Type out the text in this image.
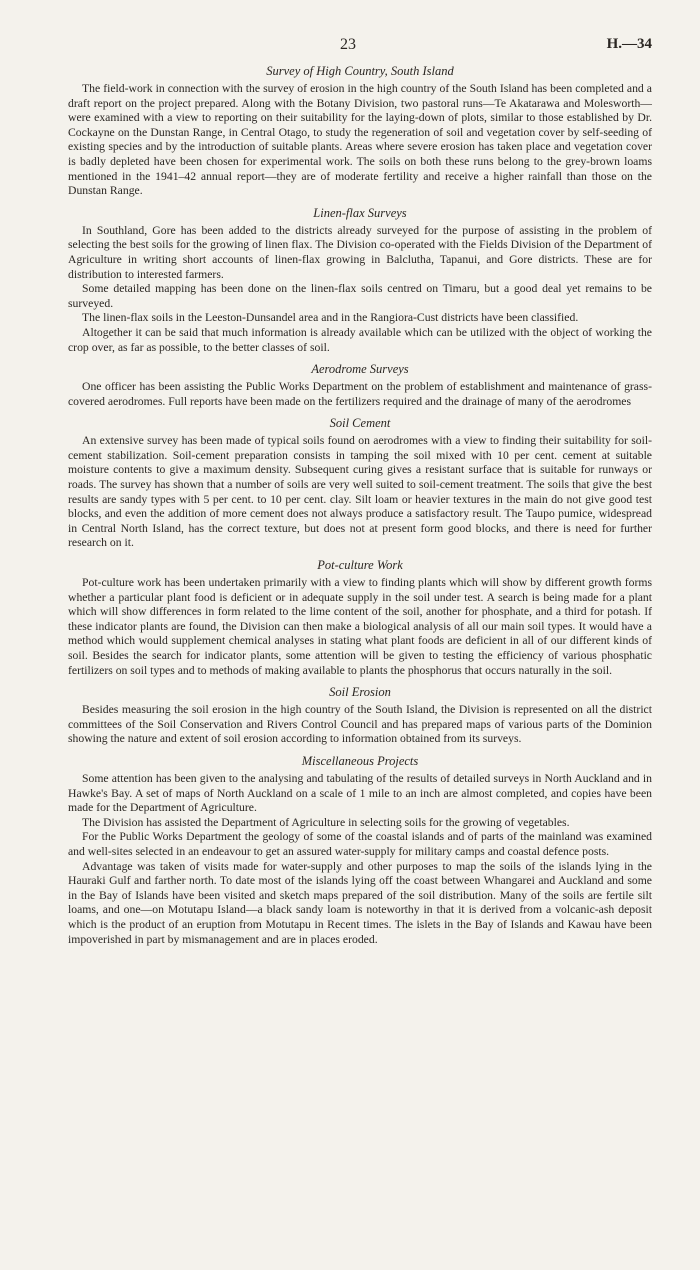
23	H.—34
Survey of High Country, South Island

The field-work in connection with the survey of erosion in the high country of the South Island has been completed and a draft report on the project prepared. Along with the Botany Division, two pastoral runs—Te Akatarawa and Molesworth—were examined with a view to reporting on their suitability for the laying-down of plots, similar to those established by Dr. Cockayne on the Dunstan Range, in Central Otago, to study the regeneration of soil and vegetation cover by self-seeding of existing species and by the introduction of suitable plants. Areas where severe erosion has taken place and vegetation cover is badly depleted have been chosen for experimental work. The soils on both these runs belong to the grey-brown loams mentioned in the 1941–42 annual report—they are of moderate fertility and receive a higher rainfall than those on the Dunstan Range.

Linen-flax Surveys

In Southland, Gore has been added to the districts already surveyed for the purpose of assisting in the problem of selecting the best soils for the growing of linen flax. The Division co-operated with the Fields Division of the Department of Agriculture in writing short accounts of linen-flax growing in Balclutha, Tapanui, and Gore districts. These are for distribution to interested farmers.

Some detailed mapping has been done on the linen-flax soils centred on Timaru, but a good deal yet remains to be surveyed.

The linen-flax soils in the Leeston-Dunsandel area and in the Rangiora-Cust districts have been classified.

Altogether it can be said that much information is already available which can be utilized with the object of working the crop over, as far as possible, to the better classes of soil.

Aerodrome Surveys

One officer has been assisting the Public Works Department on the problem of establishment and maintenance of grass-covered aerodromes. Full reports have been made on the fertilizers required and the drainage of many of the aerodromes

Soil Cement

An extensive survey has been made of typical soils found on aerodromes with a view to finding their suitability for soil-cement stabilization. Soil-cement preparation consists in tamping the soil mixed with 10 per cent. cement at suitable moisture contents to give a maximum density. Subsequent curing gives a resistant surface that is suitable for runways or roads. The survey has shown that a number of soils are very well suited to soil-cement treatment. The soils that give the best results are sandy types with 5 per cent. to 10 per cent. clay. Silt loam or heavier textures in the main do not give good test blocks, and even the addition of more cement does not always produce a satisfactory result. The Taupo pumice, widespread in Central North Island, has the correct texture, but does not at present form good blocks, and there is need for further research on it.

Pot-culture Work

Pot-culture work has been undertaken primarily with a view to finding plants which will show by different growth forms whether a particular plant food is deficient or in adequate supply in the soil under test. A search is being made for a plant which will show differences in form related to the lime content of the soil, another for phosphate, and a third for potash. If these indicator plants are found, the Division can then make a biological analysis of all our main soil types. It would have a method which would supplement chemical analyses in stating what plant foods are deficient in all of our different kinds of soil. Besides the search for indicator plants, some attention will be given to testing the efficiency of various phosphatic fertilizers on soil types and to methods of making available to plants the phosphorus that occurs naturally in the soil.

Soil Erosion

Besides measuring the soil erosion in the high country of the South Island, the Division is represented on all the district committees of the Soil Conservation and Rivers Control Council and has prepared maps of various parts of the Dominion showing the nature and extent of soil erosion according to information obtained from its surveys.

Miscellaneous Projects

Some attention has been given to the analysing and tabulating of the results of detailed surveys in North Auckland and in Hawke's Bay. A set of maps of North Auckland on a scale of 1 mile to an inch are almost completed, and copies have been made for the Department of Agriculture.

The Division has assisted the Department of Agriculture in selecting soils for the growing of vegetables.

For the Public Works Department the geology of some of the coastal islands and of parts of the mainland was examined and well-sites selected in an endeavour to get an assured water-supply for military camps and coastal defence posts.

Advantage was taken of visits made for water-supply and other purposes to map the soils of the islands lying in the Hauraki Gulf and farther north. To date most of the islands lying off the coast between Whangarei and Auckland and some in the Bay of Islands have been visited and sketch maps prepared of the soil distribution. Many of the soils are fertile silt loams, and one—on Motutapu Island—a black sandy loam is noteworthy in that it is derived from a volcanic-ash deposit which is the product of an eruption from Motutapu in Recent times. The islets in the Bay of Islands and Kawau have been impoverished in part by mismanagement and are in places eroded.
